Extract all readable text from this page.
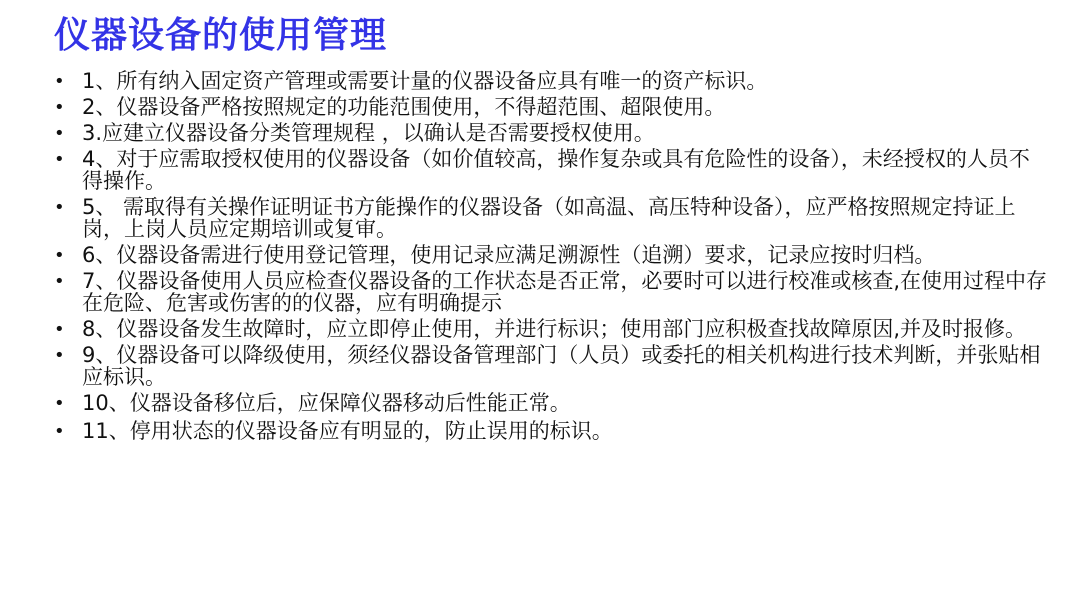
仪器设备的使用管理
• 1、所有纳入固定资产管理或需要计量的仪器设备应具有唯一的资产标识。
• 2、仪器设备严格按照规定的功能范围使用，不得超范围、超限使用。
• 3.应建立仪器设备分类管理规程 ，以确认是否需要授权使用。
• 4、对于应需取授权使用的仪器设备（如价值较高，操作复杂或具有危险性的设备），未经授权的人员不得操作。
• 5、 需取得有关操作证明证书方能操作的仪器设备（如高温、高压特种设备），应严格按照规定持证上岗，上岗人员应定期培训或复审。
• 6、仪器设备需进行使用登记管理，使用记录应满足溯源性（追溯）要求，记录应按时归档。
• 7、仪器设备使用人员应检查仪器设备的工作状态是否正常，必要时可以进行校准或核查,在使用过程中存在危险、危害或伤害的的仪器，应有明确提示
• 8、仪器设备发生故障时，应立即停止使用，并进行标识；使用部门应积极查找故障原因,并及时报修。
• 9、仪器设备可以降级使用，须经仪器设备管理部门（人员）或委托的相关机构进行技术判断，并张贴相应标识。
• 10、仪器设备移位后，应保障仪器移动后性能正常。
• 11、停用状态的仪器设备应有明显的，防止误用的标识。
